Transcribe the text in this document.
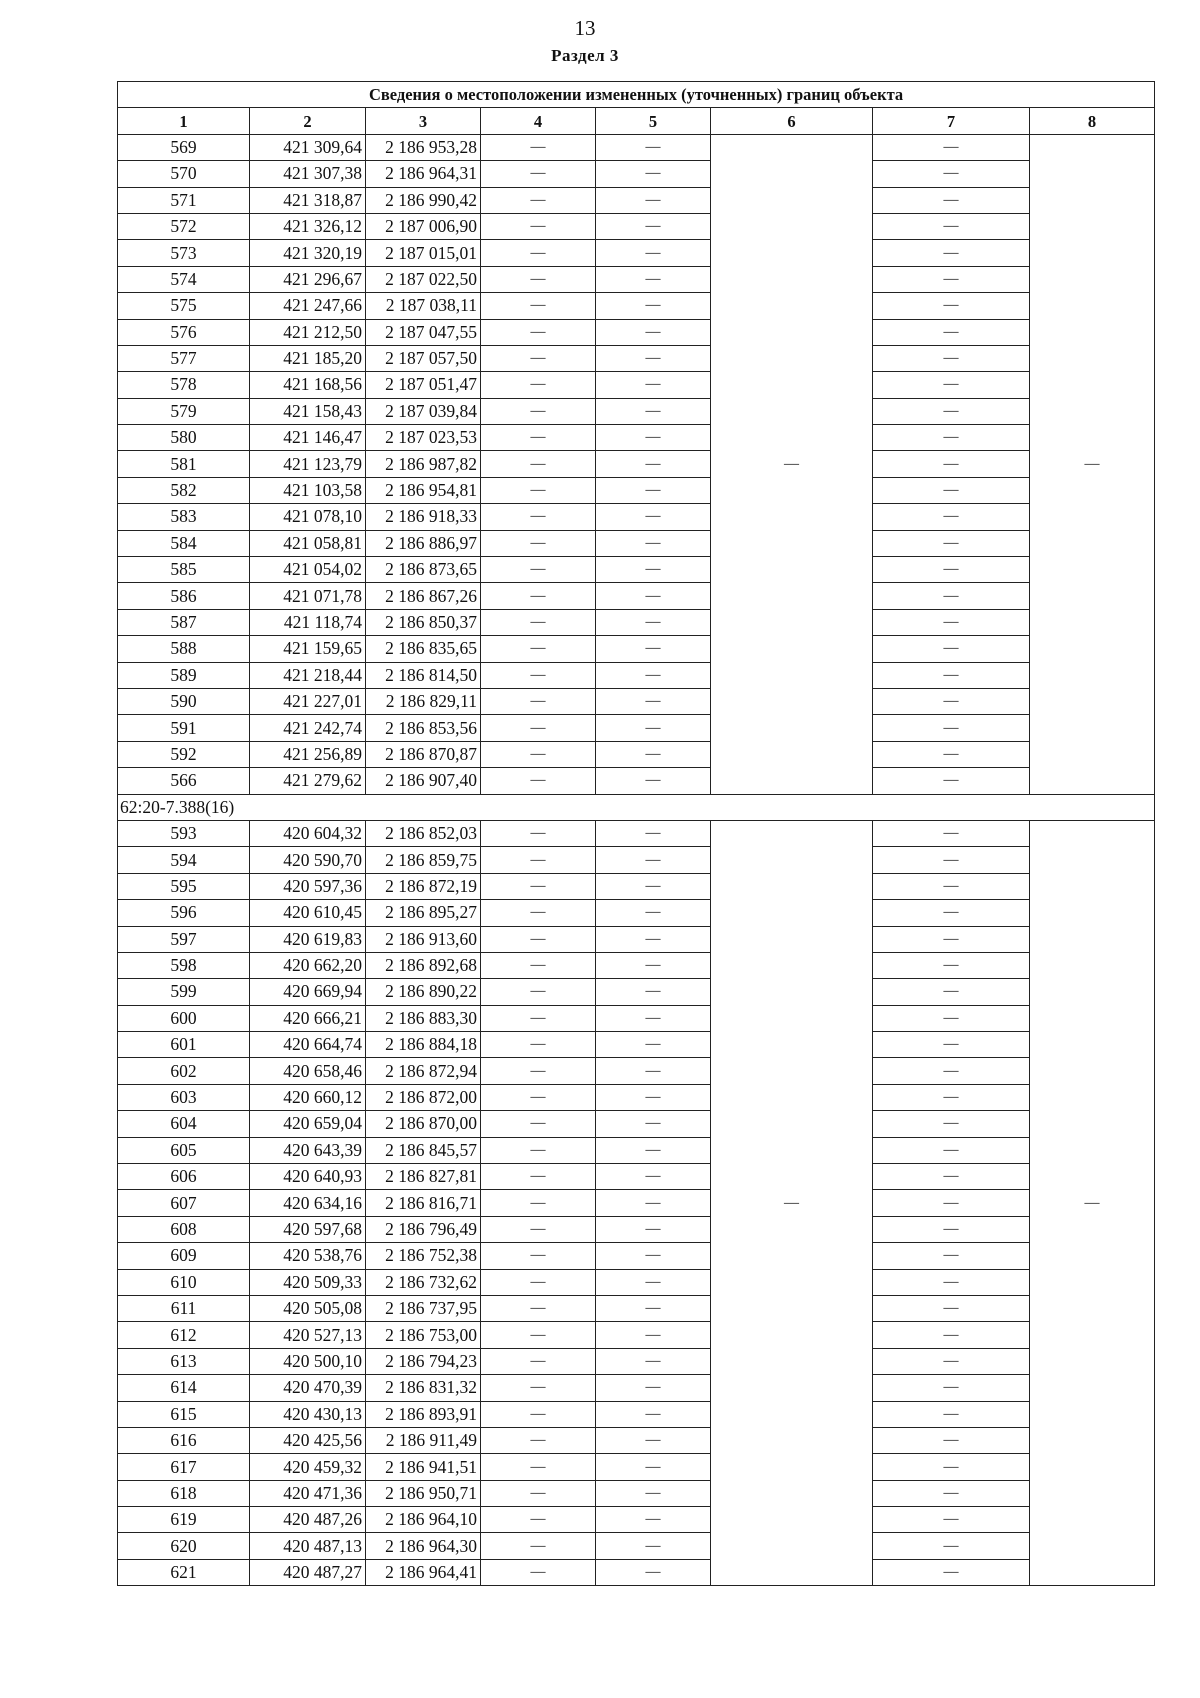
13
Раздел 3
Сведения о местоположении измененных (уточненных) границ объекта							
1	2	3	4	5	6	7	8
569	421 309,64	2 186 953,28	—	—	—	—	—
570	421 307,38	2 186 964,31	—	—		—	
571	421 318,87	2 186 990,42	—	—		—	
572	421 326,12	2 187 006,90	—	—		—	
573	421 320,19	2 187 015,01	—	—		—	
574	421 296,67	2 187 022,50	—	—		—	
575	421 247,66	2 187 038,11	—	—		—	
576	421 212,50	2 187 047,55	—	—		—	
577	421 185,20	2 187 057,50	—	—		—	
578	421 168,56	2 187 051,47	—	—		—	
579	421 158,43	2 187 039,84	—	—		—	
580	421 146,47	2 187 023,53	—	—		—	
581	421 123,79	2 186 987,82	—	—		—	
582	421 103,58	2 186 954,81	—	—		—	
583	421 078,10	2 186 918,33	—	—		—	
584	421 058,81	2 186 886,97	—	—		—	
585	421 054,02	2 186 873,65	—	—		—	
586	421 071,78	2 186 867,26	—	—		—	
587	421 118,74	2 186 850,37	—	—		—	
588	421 159,65	2 186 835,65	—	—		—	
589	421 218,44	2 186 814,50	—	—		—	
590	421 227,01	2 186 829,11	—	—		—	
591	421 242,74	2 186 853,56	—	—		—	
592	421 256,89	2 186 870,87	—	—		—	
566	421 279,62	2 186 907,40	—	—		—	
62:20-7.388(16)							
593	420 604,32	2 186 852,03	—	—	—	—	—
594	420 590,70	2 186 859,75	—	—		—	
595	420 597,36	2 186 872,19	—	—		—	
596	420 610,45	2 186 895,27	—	—		—	
597	420 619,83	2 186 913,60	—	—		—	
598	420 662,20	2 186 892,68	—	—		—	
599	420 669,94	2 186 890,22	—	—		—	
600	420 666,21	2 186 883,30	—	—		—	
601	420 664,74	2 186 884,18	—	—		—	
602	420 658,46	2 186 872,94	—	—		—	
603	420 660,12	2 186 872,00	—	—		—	
604	420 659,04	2 186 870,00	—	—		—	
605	420 643,39	2 186 845,57	—	—		—	
606	420 640,93	2 186 827,81	—	—		—	
607	420 634,16	2 186 816,71	—	—		—	
608	420 597,68	2 186 796,49	—	—		—	
609	420 538,76	2 186 752,38	—	—		—	
610	420 509,33	2 186 732,62	—	—		—	
611	420 505,08	2 186 737,95	—	—		—	
612	420 527,13	2 186 753,00	—	—		—	
613	420 500,10	2 186 794,23	—	—		—	
614	420 470,39	2 186 831,32	—	—		—	
615	420 430,13	2 186 893,91	—	—		—	
616	420 425,56	2 186 911,49	—	—		—	
617	420 459,32	2 186 941,51	—	—		—	
618	420 471,36	2 186 950,71	—	—		—	
619	420 487,26	2 186 964,10	—	—		—	
620	420 487,13	2 186 964,30	—	—		—	
621	420 487,27	2 186 964,41	—	—		—	
